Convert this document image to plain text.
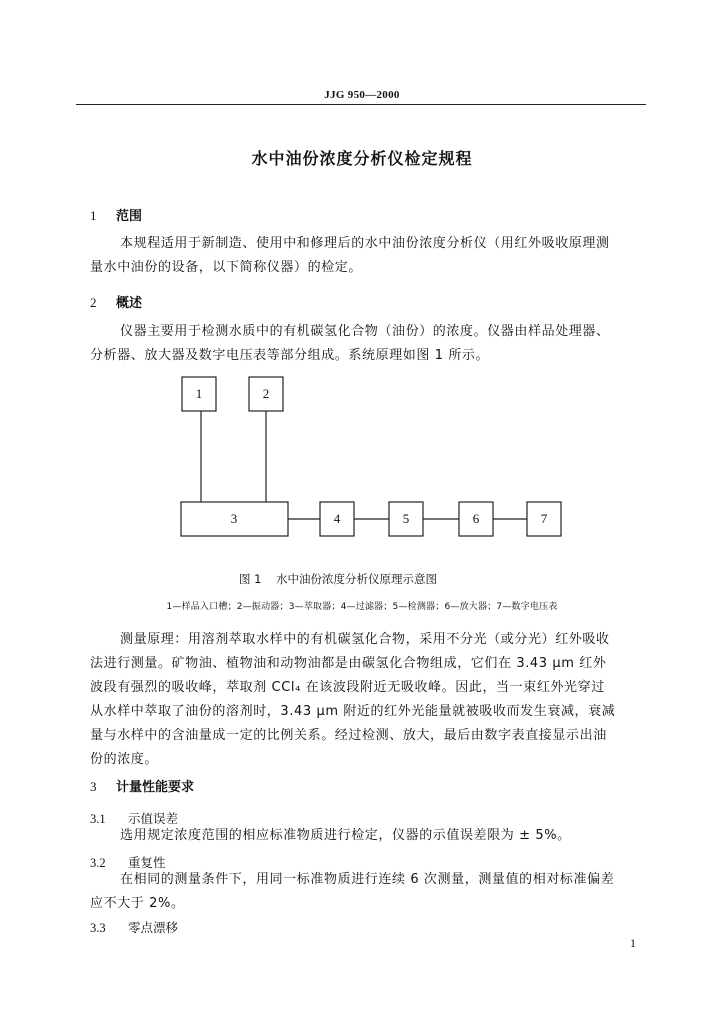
JJG 950—2000
水中油份浓度分析仪检定规程
1 范围
本规程适用于新制造、使用中和修理后的水中油份浓度分析仪（用红外吸收原理测
量水中油份的设备，以下简称仪器）的检定。
2 概述
仪器主要用于检测水质中的有机碳氢化合物（油份）的浓度。仪器由样品处理器、
分析器、放大器及数字电压表等部分组成。系统原理如图 1 所示。
1	2
3	4	5	6	7
图 1 水中油份浓度分析仪原理示意图
1—样品入口槽；2—振动器；3—萃取器；4—过滤器；5—检测器；6—放大器；7—数字电压表
测量原理：用溶剂萃取水样中的有机碳氢化合物，采用不分光（或分光）红外吸收
法进行测量。矿物油、植物油和动物油都是由碳氢化合物组成，它们在 3.43 μm 红外
波段有强烈的吸收峰，萃取剂 CCl₄ 在该波段附近无吸收峰。因此，当一束红外光穿过
从水样中萃取了油份的溶剂时，3.43 μm 附近的红外光能量就被吸收而发生衰减，衰减
量与水样中的含油量成一定的比例关系。经过检测、放大，最后由数字表直接显示出油
份的浓度。
3 计量性能要求
3.1 示值误差
选用规定浓度范围的相应标准物质进行检定，仪器的示值误差限为 ± 5%。
3.2 重复性
在相同的测量条件下，用同一标准物质进行连续 6 次测量，测量值的相对标准偏差
应不大于 2%。
3.3 零点漂移
1
